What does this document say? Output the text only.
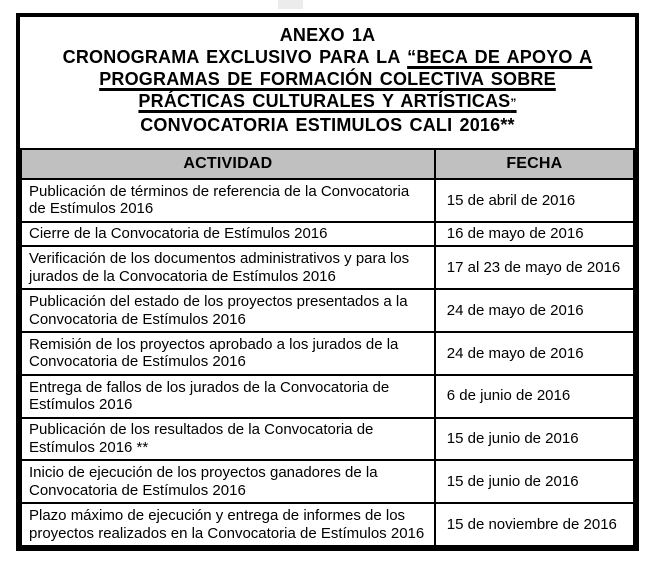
ANEXO 1A
CRONOGRAMA EXCLUSIVO PARA LA “BECA DE APOYO A
PROGRAMAS DE FORMACIÓN COLECTIVA SOBRE
PRÁCTICAS CULTURALES Y ARTÍSTICAS”
CONVOCATORIA ESTIMULOS CALI 2016**
ACTIVIDAD	FECHA
Publicación de términos de referencia de la Convocatoria de Estímulos 2016	15 de abril de 2016
Cierre de la Convocatoria de Estímulos 2016	16 de mayo de 2016
Verificación de los documentos administrativos y para los jurados de la Convocatoria de Estímulos 2016	17 al 23 de mayo de 2016
Publicación del estado de los proyectos presentados a la Convocatoria de Estímulos 2016	24 de mayo de 2016
Remisión de los proyectos aprobado a los jurados de la Convocatoria de Estímulos 2016	24 de mayo de 2016
Entrega de fallos de los jurados de la Convocatoria de Estímulos 2016	6 de junio de 2016
Publicación de los resultados de la Convocatoria de Estímulos 2016 **	15 de junio de 2016
Inicio de ejecución de los proyectos ganadores de la Convocatoria de Estímulos 2016	15 de junio de 2016
Plazo máximo de ejecución y entrega de informes de los proyectos realizados en la Convocatoria de Estímulos 2016	15 de noviembre de 2016
